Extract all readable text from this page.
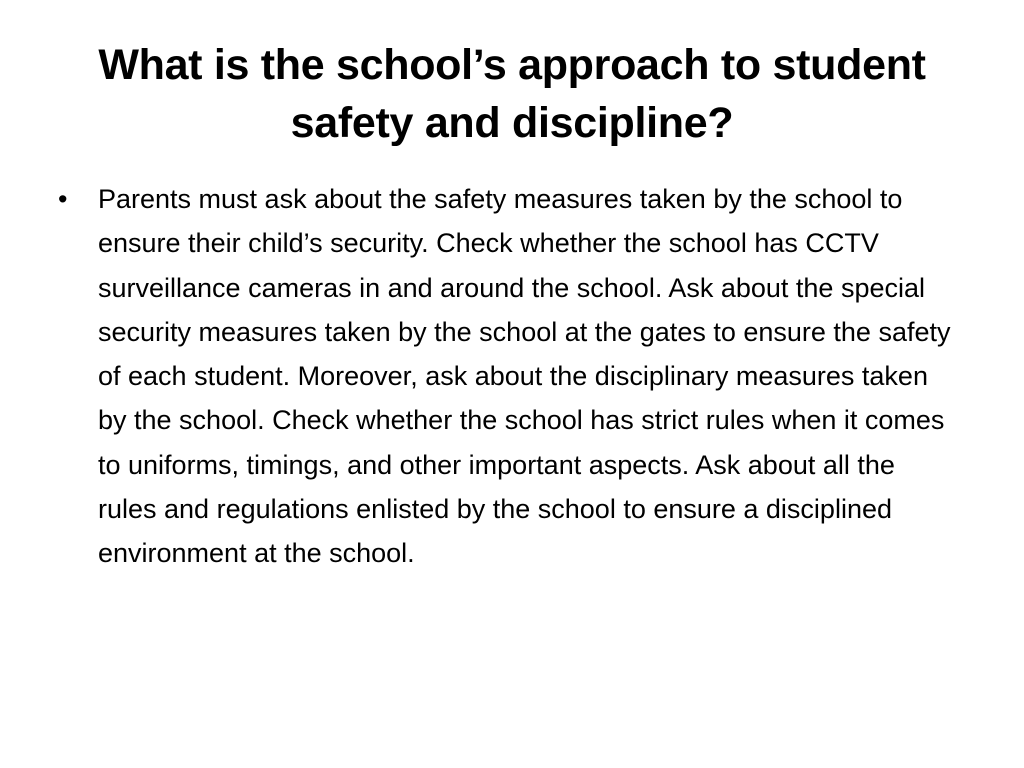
What is the school’s approach to student safety and discipline?
•	Parents must ask about the safety measures taken by the school to ensure their child’s security. Check whether the school has CCTV surveillance cameras in and around the school. Ask about the special security measures taken by the school at the gates to ensure the safety of each student. Moreover, ask about the disciplinary measures taken by the school. Check whether the school has strict rules when it comes to uniforms, timings, and other important aspects. Ask about all the rules and regulations enlisted by the school to ensure a disciplined environment at the school.
